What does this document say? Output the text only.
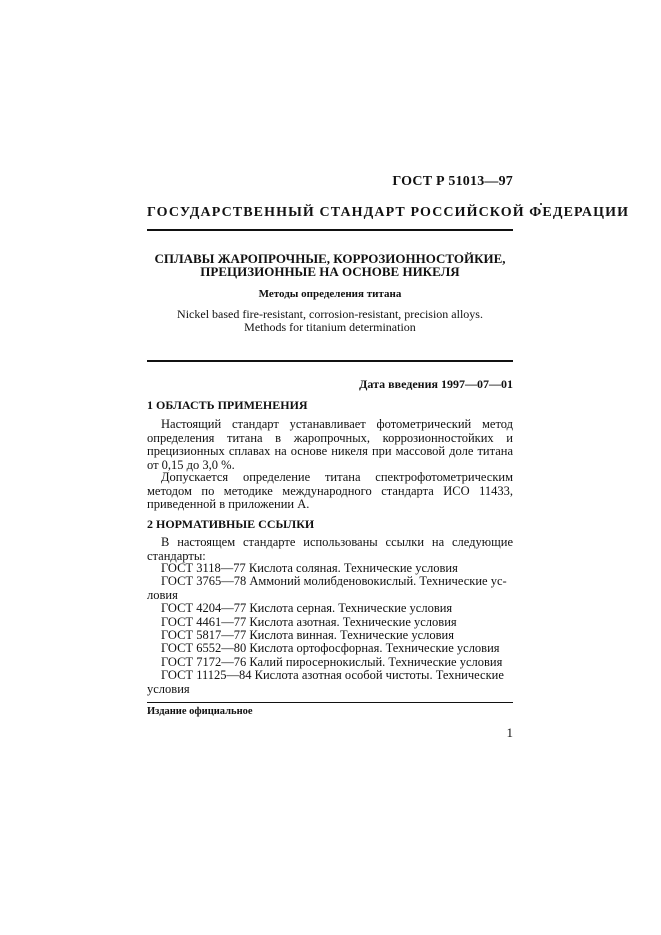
ГОСТ Р 51013—97
ГОСУДАРСТВЕННЫЙ СТАНДАРТ РОССИЙСКОЙ ФЕДЕРАЦИИ
СПЛАВЫ ЖАРОПРОЧНЫЕ, КОРРОЗИОННОСТОЙКИЕ,
ПРЕЦИЗИОННЫЕ НА ОСНОВЕ НИКЕЛЯ
Методы определения титана
Nickel based fire-resistant, corrosion-resistant, precision alloys.
Methods for titanium determination
Дата введения 1997—07—01
1 ОБЛАСТЬ ПРИМЕНЕНИЯ
Настоящий стандарт устанавливает фотометрический метод определения титана в жаропрочных, коррозионностойких и прецизионных сплавах на основе никеля при массовой доле титана от 0,15 до 3,0 %.
Допускается определение титана спектрофотометрическим методом по методике международного стандарта ИСО 11433, приведенной в приложении А.
2 НОРМАТИВНЫЕ ССЫЛКИ
В настоящем стандарте использованы ссылки на следующие стандарты:
ГОСТ 3118—77 Кислота соляная. Технические условия
ГОСТ 3765—78 Аммоний молибденовокислый. Технические ус-
ловия
ГОСТ 4204—77 Кислота серная. Технические условия
ГОСТ 4461—77 Кислота азотная. Технические условия
ГОСТ 5817—77 Кислота винная. Технические условия
ГОСТ 6552—80 Кислота ортофосфорная. Технические условия
ГОСТ 7172—76 Калий пиросернокислый. Технические условия
ГОСТ 11125—84 Кислота азотная особой чистоты. Технические
условия
Издание официальное
1
